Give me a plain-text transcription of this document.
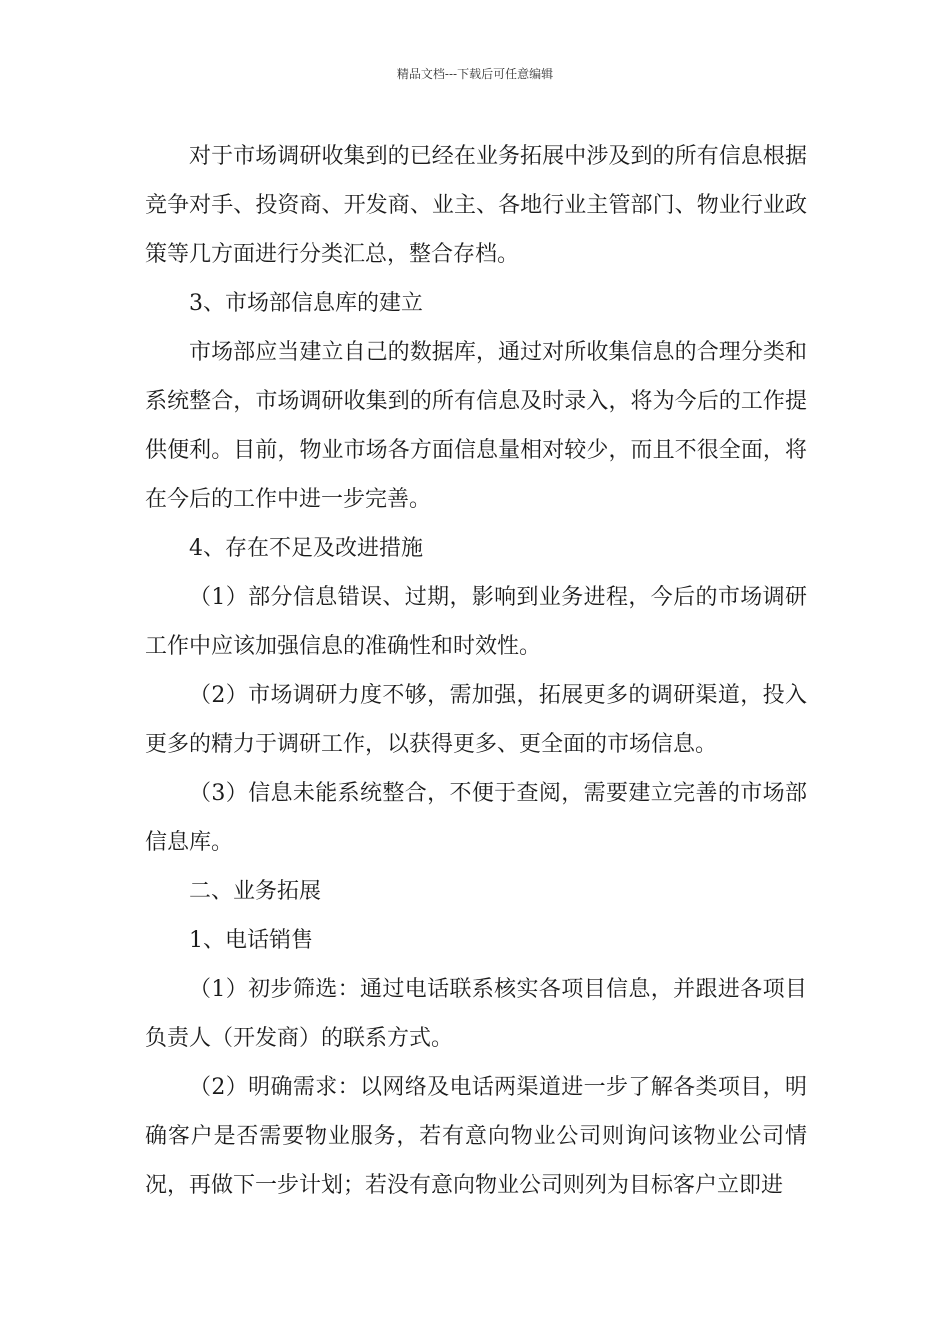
精品文档---下载后可任意编辑

对于市场调研收集到的已经在业务拓展中涉及到的所有信息根据竞争对手、投资商、开发商、业主、各地行业主管部门、物业行业政策等几方面进行分类汇总，整合存档。

3、市场部信息库的建立

市场部应当建立自己的数据库，通过对所收集信息的合理分类和系统整合，市场调研收集到的所有信息及时录入，将为今后的工作提供便利。目前，物业市场各方面信息量相对较少，而且不很全面，将在今后的工作中进一步完善。

4、存在不足及改进措施

（1）部分信息错误、过期，影响到业务进程，今后的市场调研工作中应该加强信息的准确性和时效性。

（2）市场调研力度不够，需加强，拓展更多的调研渠道，投入更多的精力于调研工作，以获得更多、更全面的市场信息。

（3）信息未能系统整合，不便于查阅，需要建立完善的市场部信息库。

二、业务拓展

1、电话销售

（1）初步筛选：通过电话联系核实各项目信息，并跟进各项目负责人（开发商）的联系方式。

（2）明确需求：以网络及电话两渠道进一步了解各类项目，明确客户是否需要物业服务，若有意向物业公司则询问该物业公司情况，再做下一步计划；若没有意向物业公司则列为目标客户立即进
